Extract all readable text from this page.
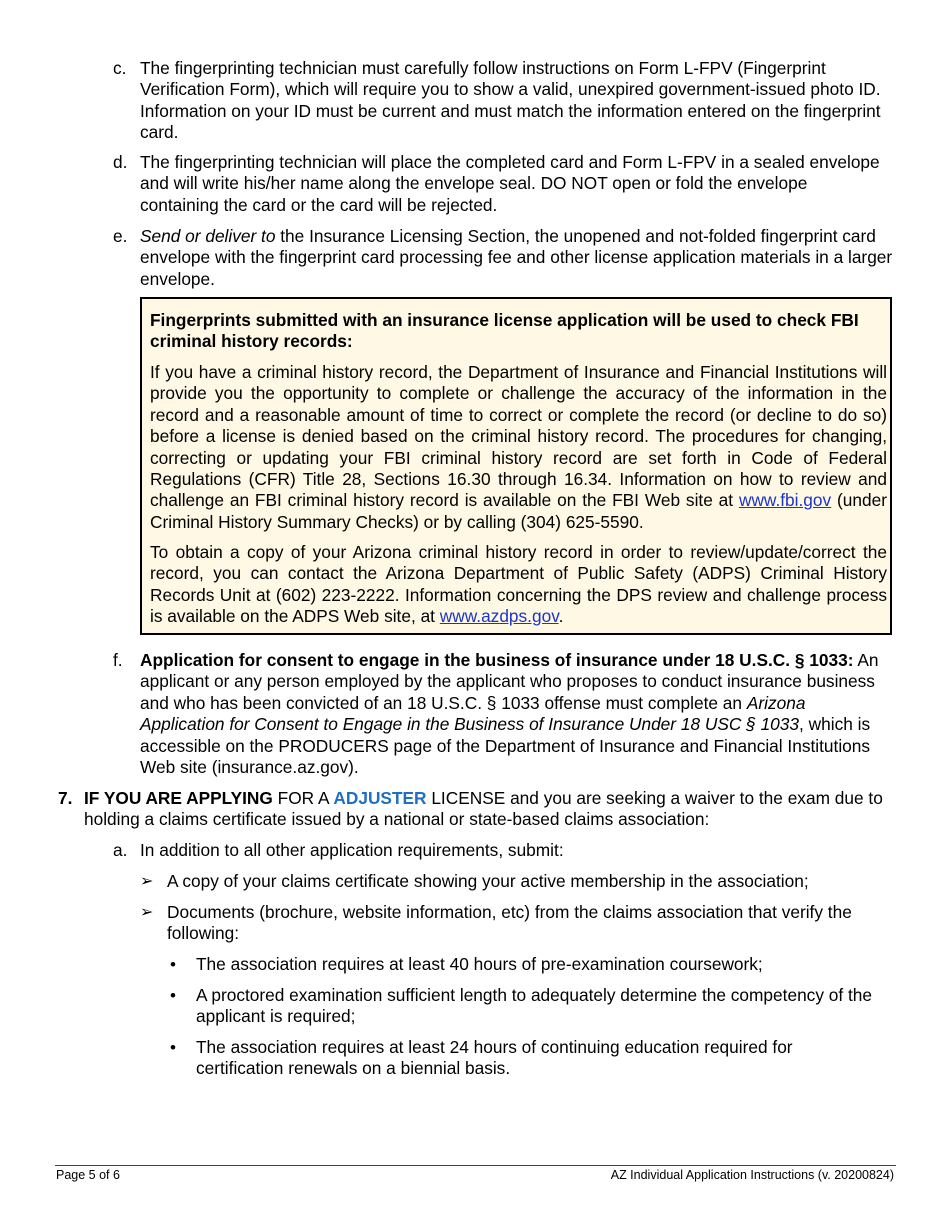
c. The fingerprinting technician must carefully follow instructions on Form L-FPV (Fingerprint Verification Form), which will require you to show a valid, unexpired government-issued photo ID. Information on your ID must be current and must match the information entered on the fingerprint card.
d. The fingerprinting technician will place the completed card and Form L-FPV in a sealed envelope and will write his/her name along the envelope seal. DO NOT open or fold the envelope containing the card or the card will be rejected.
e. Send or deliver to the Insurance Licensing Section, the unopened and not-folded fingerprint card envelope with the fingerprint card processing fee and other license application materials in a larger envelope.
Fingerprints submitted with an insurance license application will be used to check FBI criminal history records:
If you have a criminal history record, the Department of Insurance and Financial Institutions will provide you the opportunity to complete or challenge the accuracy of the information in the record and a reasonable amount of time to correct or complete the record (or decline to do so) before a license is denied based on the criminal history record. The procedures for changing, correcting or updating your FBI criminal history record are set forth in Code of Federal Regulations (CFR) Title 28, Sections 16.30 through 16.34. Information on how to review and challenge an FBI criminal history record is available on the FBI Web site at www.fbi.gov (under Criminal History Summary Checks) or by calling (304) 625-5590.
To obtain a copy of your Arizona criminal history record in order to review/update/correct the record, you can contact the Arizona Department of Public Safety (ADPS) Criminal History Records Unit at (602) 223-2222. Information concerning the DPS review and challenge process is available on the ADPS Web site, at www.azdps.gov.
f. Application for consent to engage in the business of insurance under 18 U.S.C. § 1033: An applicant or any person employed by the applicant who proposes to conduct insurance business and who has been convicted of an 18 U.S.C. § 1033 offense must complete an Arizona Application for Consent to Engage in the Business of Insurance Under 18 USC § 1033, which is accessible on the PRODUCERS page of the Department of Insurance and Financial Institutions Web site (insurance.az.gov).
7. IF YOU ARE APPLYING FOR A ADJUSTER LICENSE and you are seeking a waiver to the exam due to holding a claims certificate issued by a national or state-based claims association:
a. In addition to all other application requirements, submit:
➢ A copy of your claims certificate showing your active membership in the association;
➢ Documents (brochure, website information, etc) from the claims association that verify the following:
• The association requires at least 40 hours of pre-examination coursework;
• A proctored examination sufficient length to adequately determine the competency of the applicant is required;
• The association requires at least 24 hours of continuing education required for certification renewals on a biennial basis.
Page 5 of 6	AZ Individual Application Instructions (v. 20200824)
